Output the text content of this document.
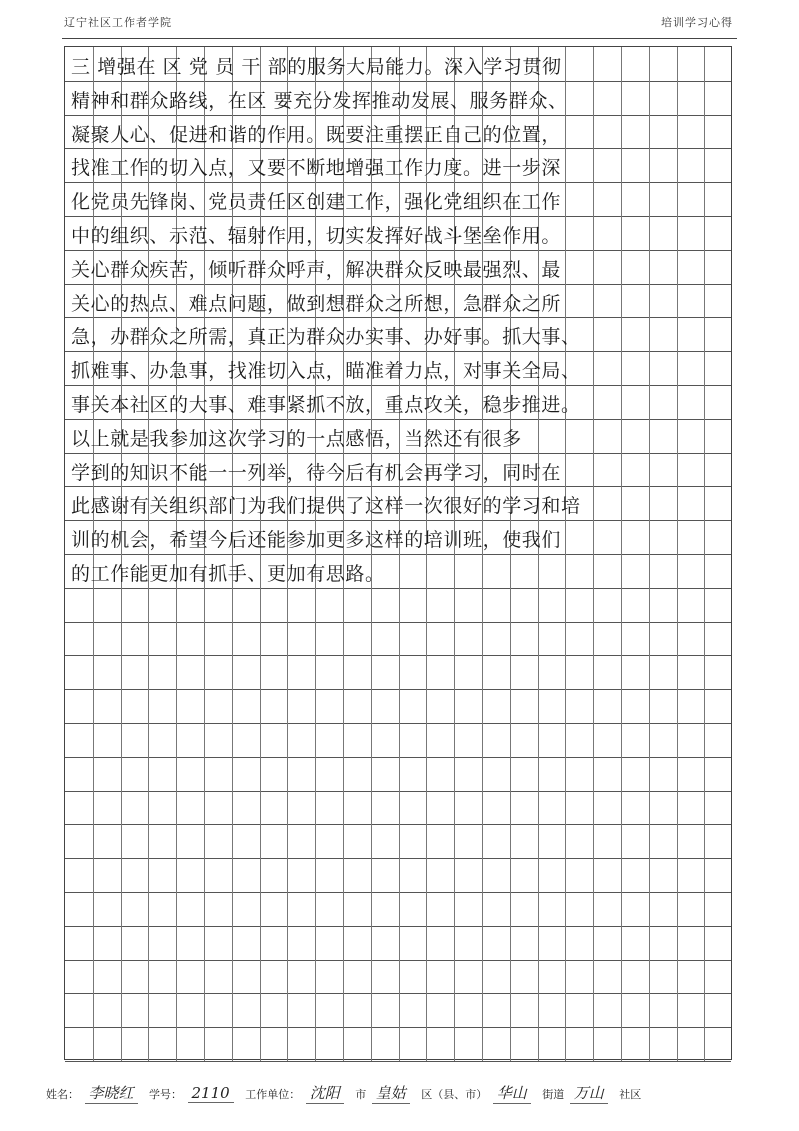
辽宁社区工作者学院	培训学习心得
三 增强在 区 党 员 干 部的服务大局能力。深入学习贯彻
精神和群众路线，在区 要充分发挥推动发展、服务群众、
凝聚人心、促进和谐的作用。既要注重摆正自己的位置，
找准工作的切入点，又要不断地增强工作力度。进一步深
化党员先锋岗、党员责任区创建工作，强化党组织在工作
中的组织、示范、辐射作用，切实发挥好战斗堡垒作用。
关心群众疾苦，倾听群众呼声，解决群众反映最强烈、最
关心的热点、难点问题，做到想群众之所想，急群众之所
急，办群众之所需，真正为群众办实事、办好事。抓大事、
抓难事、办急事，找准切入点，瞄准着力点，对事关全局、
事关本社区的大事、难事紧抓不放，重点攻关，稳步推进。
以上就是我参加这次学习的一点感悟，当然还有很多
学到的知识不能一一列举，待今后有机会再学习，同时在
此感谢有关组织部门为我们提供了这样一次很好的学习和培
训的机会，希望今后还能参加更多这样的培训班，使我们
的工作能更加有抓手、更加有思路。
姓名： 李晓红 学号： 2110 工作单位： 沈阳 市 皇姑 区（县、市） 华山 街道 万山 社区
